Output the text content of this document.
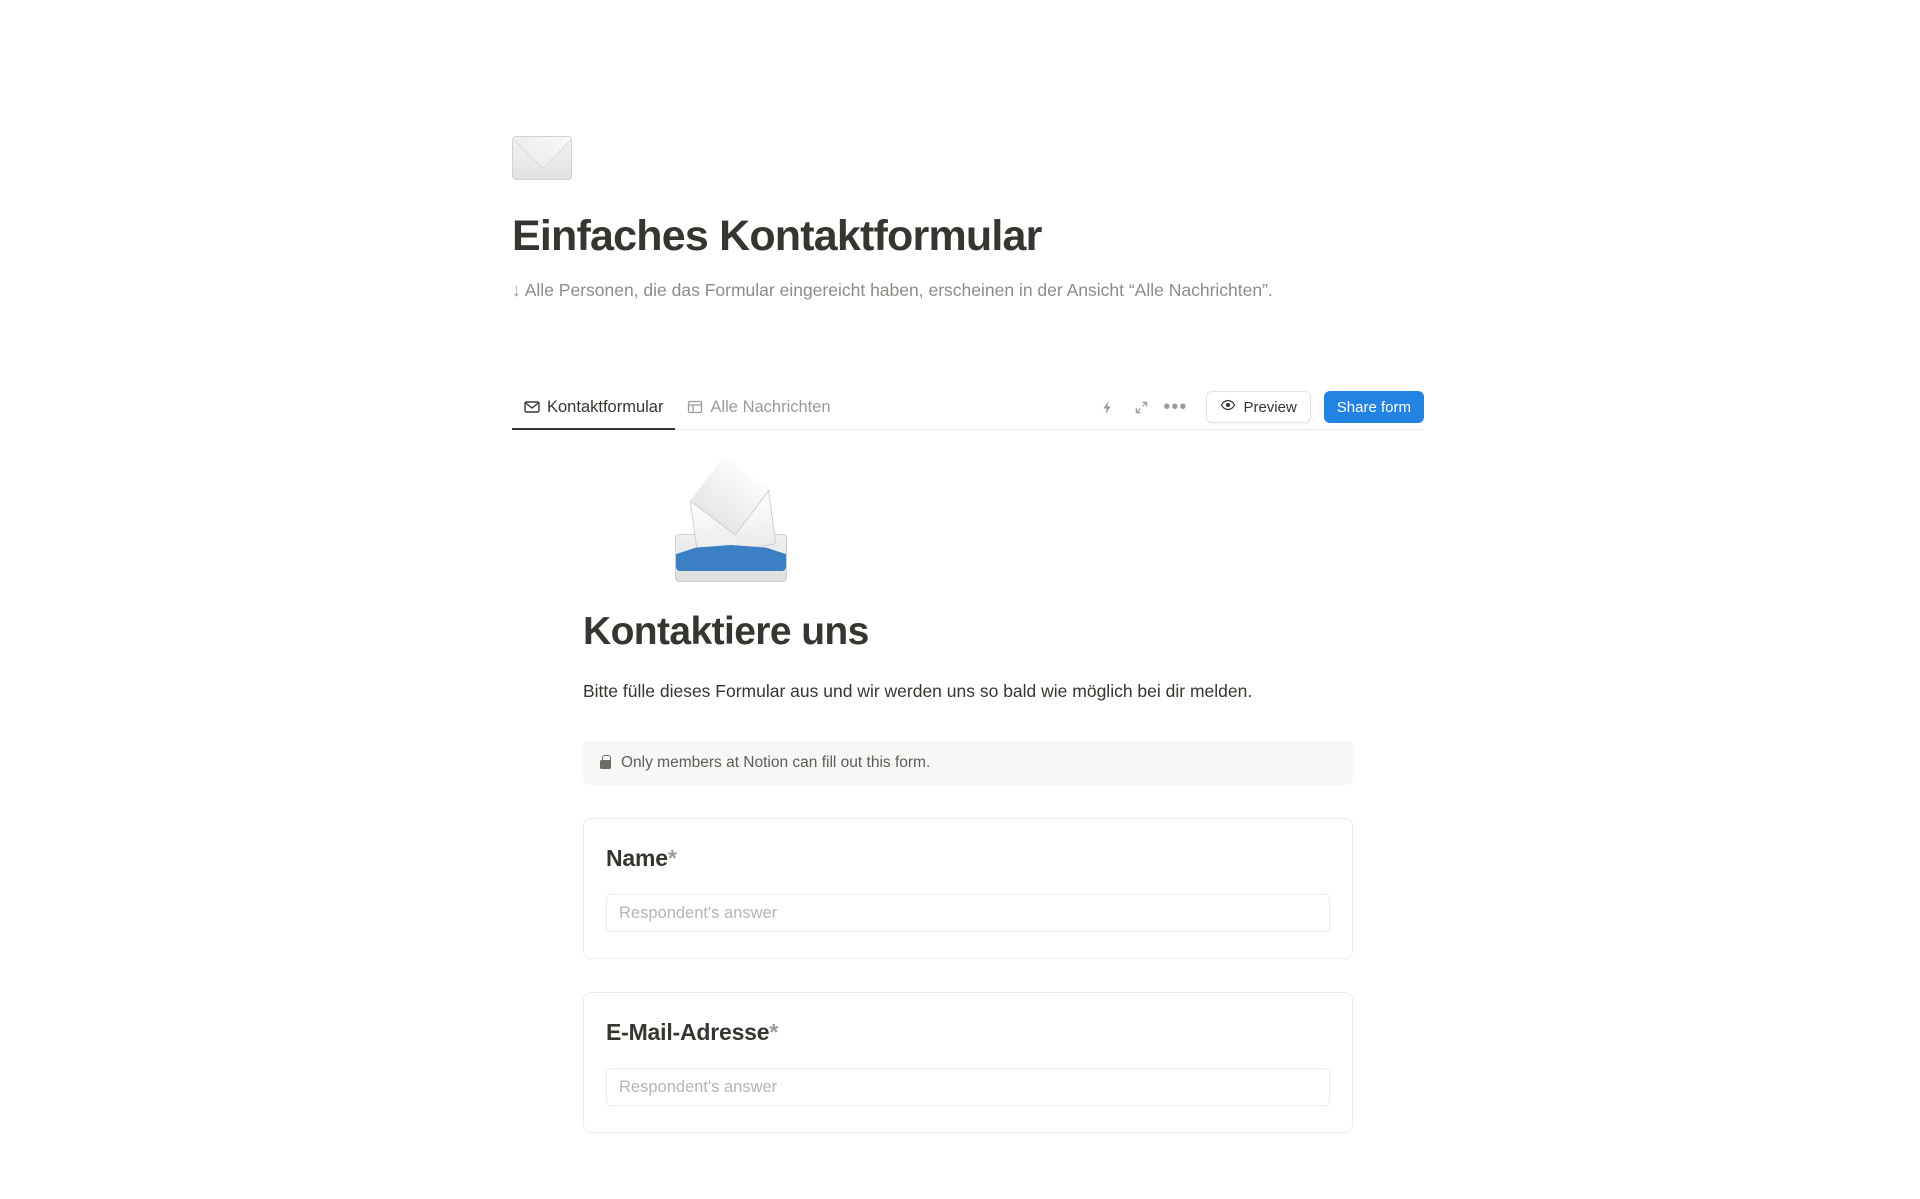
Einfaches Kontaktformular

↓ Alle Personen, die das Formular eingereicht haben, erscheinen in der Ansicht “Alle Nachrichten”.

Kontaktformular	Alle Nachrichten	•••	Preview	Share form
Kontaktiere uns

Bitte fülle dieses Formular aus und wir werden uns so bald wie möglich bei dir melden.

Only members at Notion can fill out this form.
Name*
Respondent's answer
E-Mail-Adresse*
Respondent's answer
